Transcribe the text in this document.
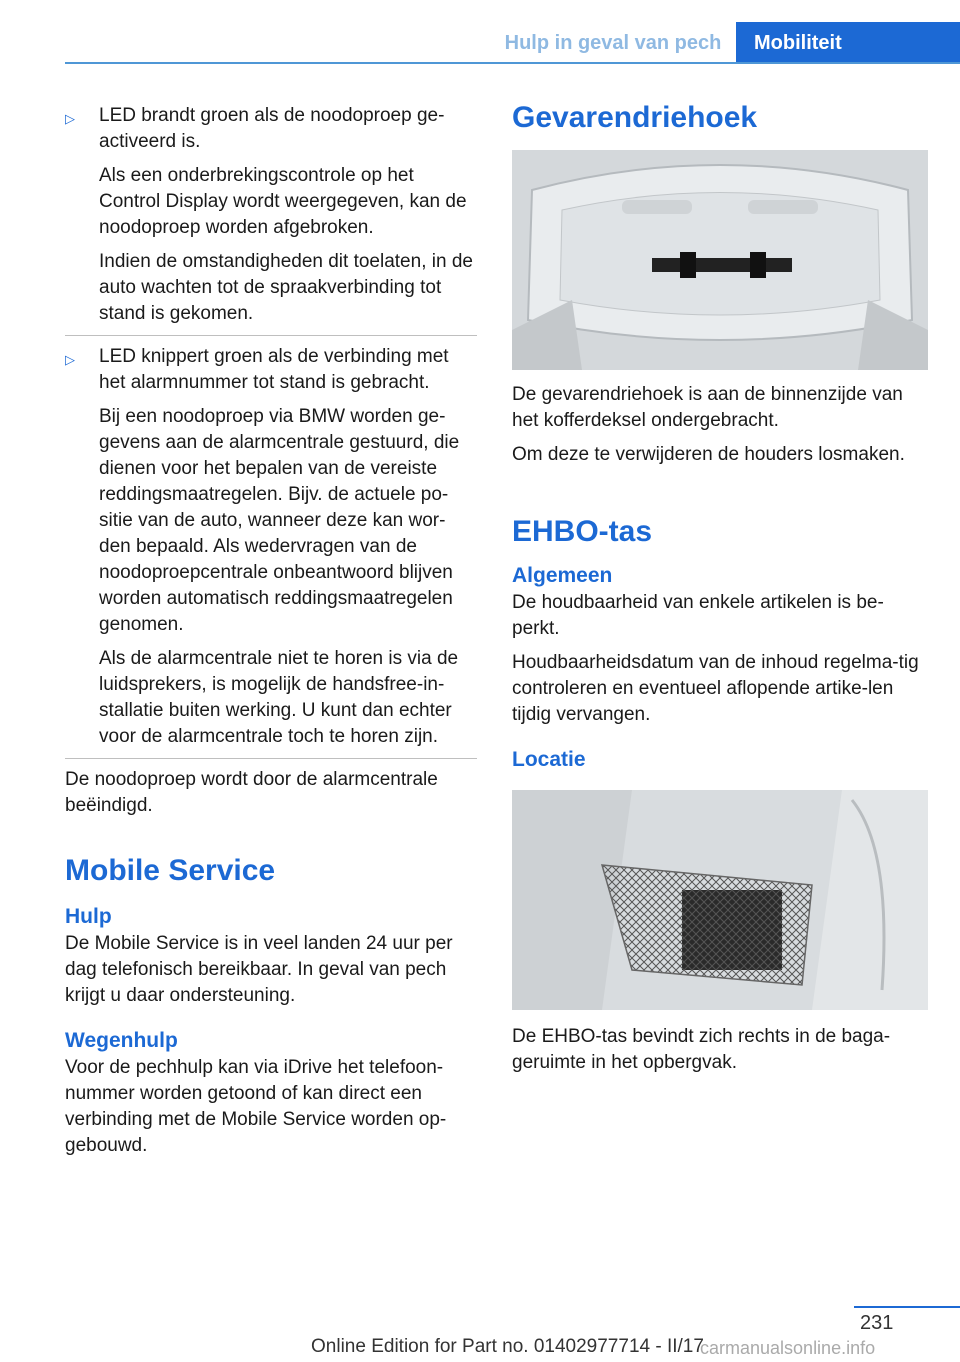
Hulp in geval van pech	Mobiliteit
▷ LED brandt groen als de noodoproep ge-activeerd is.

Als een onderbrekingscontrole op het Control Display wordt weergegeven, kan de noodoproep worden afgebroken.

Indien de omstandigheden dit toelaten, in de auto wachten tot de spraakverbinding tot stand is gekomen.

▷ LED knippert groen als de verbinding met het alarmnummer tot stand is gebracht.

Bij een noodoproep via BMW worden ge-gevens aan de alarmcentrale gestuurd, die dienen voor het bepalen van de vereiste reddingsmaatregelen. Bijv. de actuele po-sitie van de auto, wanneer deze kan wor-den bepaald. Als wedervragen van de noodoproepcentrale onbeantwoord blijven worden automatisch reddingsmaatregelen genomen.

Als de alarmcentrale niet te horen is via de luidsprekers, is mogelijk de handsfree-in-stallatie buiten werking. U kunt dan echter voor de alarmcentrale toch te horen zijn.

De noodoproep wordt door de alarmcentrale beëindigd.

Mobile Service
Hulp

De Mobile Service is in veel landen 24 uur per dag telefonisch bereikbaar. In geval van pech krijgt u daar ondersteuning.

Wegenhulp

Voor de pechhulp kan via iDrive het telefoon-nummer worden getoond of kan direct een verbinding met de Mobile Service worden op-gebouwd.

Gevarendriehoek

De gevarendriehoek is aan de binnenzijde van het kofferdeksel ondergebracht.

Om deze te verwijderen de houders losmaken.

EHBO-tas
Algemeen

De houdbaarheid van enkele artikelen is be-perkt.

Houdbaarheidsdatum van de inhoud regelma-tig controleren en eventueel aflopende artike-len tijdig vervangen.

Locatie

De EHBO-tas bevindt zich rechts in de baga-geruimte in het opbergvak.

231
Online Edition for Part no. 01402977714 - II/17
carmanualsonline.info
